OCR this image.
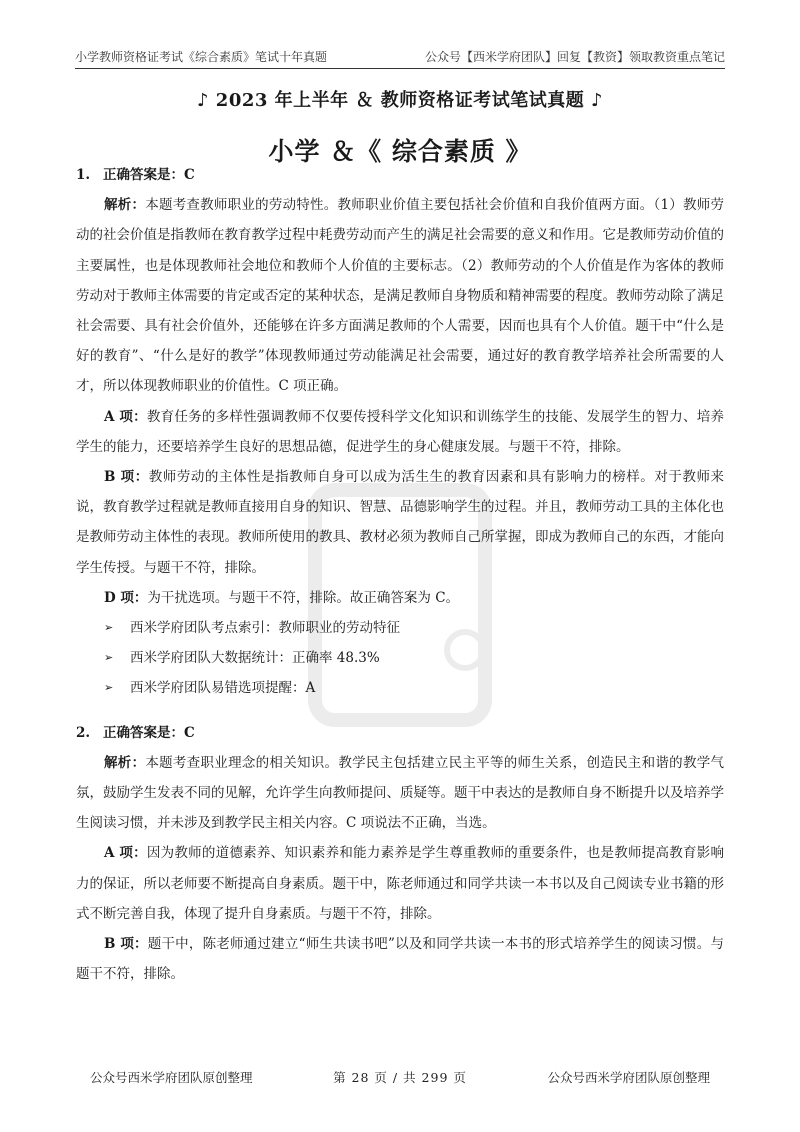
小学教师资格证考试《综合素质》笔试十年真题	公众号【西米学府团队】回复【教资】领取教资重点笔记
♪ 2023 年上半年 ＆ 教师资格证考试笔试真题 ♪
小学 ＆《 综合素质 》
1. 正确答案是：C

解析：本题考查教师职业的劳动特性。教师职业价值主要包括社会价值和自我价值两方面。（1）教师劳动的社会价值是指教师在教育教学过程中耗费劳动而产生的满足社会需要的意义和作用。它是教师劳动价值的主要属性，也是体现教师社会地位和教师个人价值的主要标志。（2）教师劳动的个人价值是作为客体的教师劳动对于教师主体需要的肯定或否定的某种状态，是满足教师自身物质和精神需要的程度。教师劳动除了满足社会需要、具有社会价值外，还能够在许多方面满足教师的个人需要，因而也具有个人价值。题干中“什么是好的教育”、“什么是好的教学”体现教师通过劳动能满足社会需要，通过好的教育教学培养社会所需要的人才，所以体现教师职业的价值性。C 项正确。

A 项：教育任务的多样性强调教师不仅要传授科学文化知识和训练学生的技能、发展学生的智力、培养学生的能力，还要培养学生良好的思想品德，促进学生的身心健康发展。与题干不符，排除。

B 项：教师劳动的主体性是指教师自身可以成为活生生的教育因素和具有影响力的榜样。对于教师来说，教育教学过程就是教师直接用自身的知识、智慧、品德影响学生的过程。并且，教师劳动工具的主体化也是教师劳动主体性的表现。教师所使用的教具、教材必须为教师自己所掌握，即成为教师自己的东西，才能向学生传授。与题干不符，排除。

D 项：为干扰选项。与题干不符，排除。故正确答案为 C。

➢	西米学府团队考点索引：教师职业的劳动特征
➢	西米学府团队大数据统计：正确率 48.3%
➢	西米学府团队易错选项提醒：A
2. 正确答案是：C

解析：本题考查职业理念的相关知识。教学民主包括建立民主平等的师生关系，创造民主和谐的教学气氛，鼓励学生发表不同的见解，允许学生向教师提问、质疑等。题干中表达的是教师自身不断提升以及培养学生阅读习惯，并未涉及到教学民主相关内容。C 项说法不正确，当选。

A 项：因为教师的道德素养、知识素养和能力素养是学生尊重教师的重要条件，也是教师提高教育影响力的保证，所以老师要不断提高自身素质。题干中，陈老师通过和同学共读一本书以及自己阅读专业书籍的形式不断完善自我，体现了提升自身素质。与题干不符，排除。

B 项：题干中，陈老师通过建立“师生共读书吧”以及和同学共读一本书的形式培养学生的阅读习惯。与题干不符，排除。

公众号西米学府团队原创整理	第 28 页 / 共 299 页	公众号西米学府团队原创整理
